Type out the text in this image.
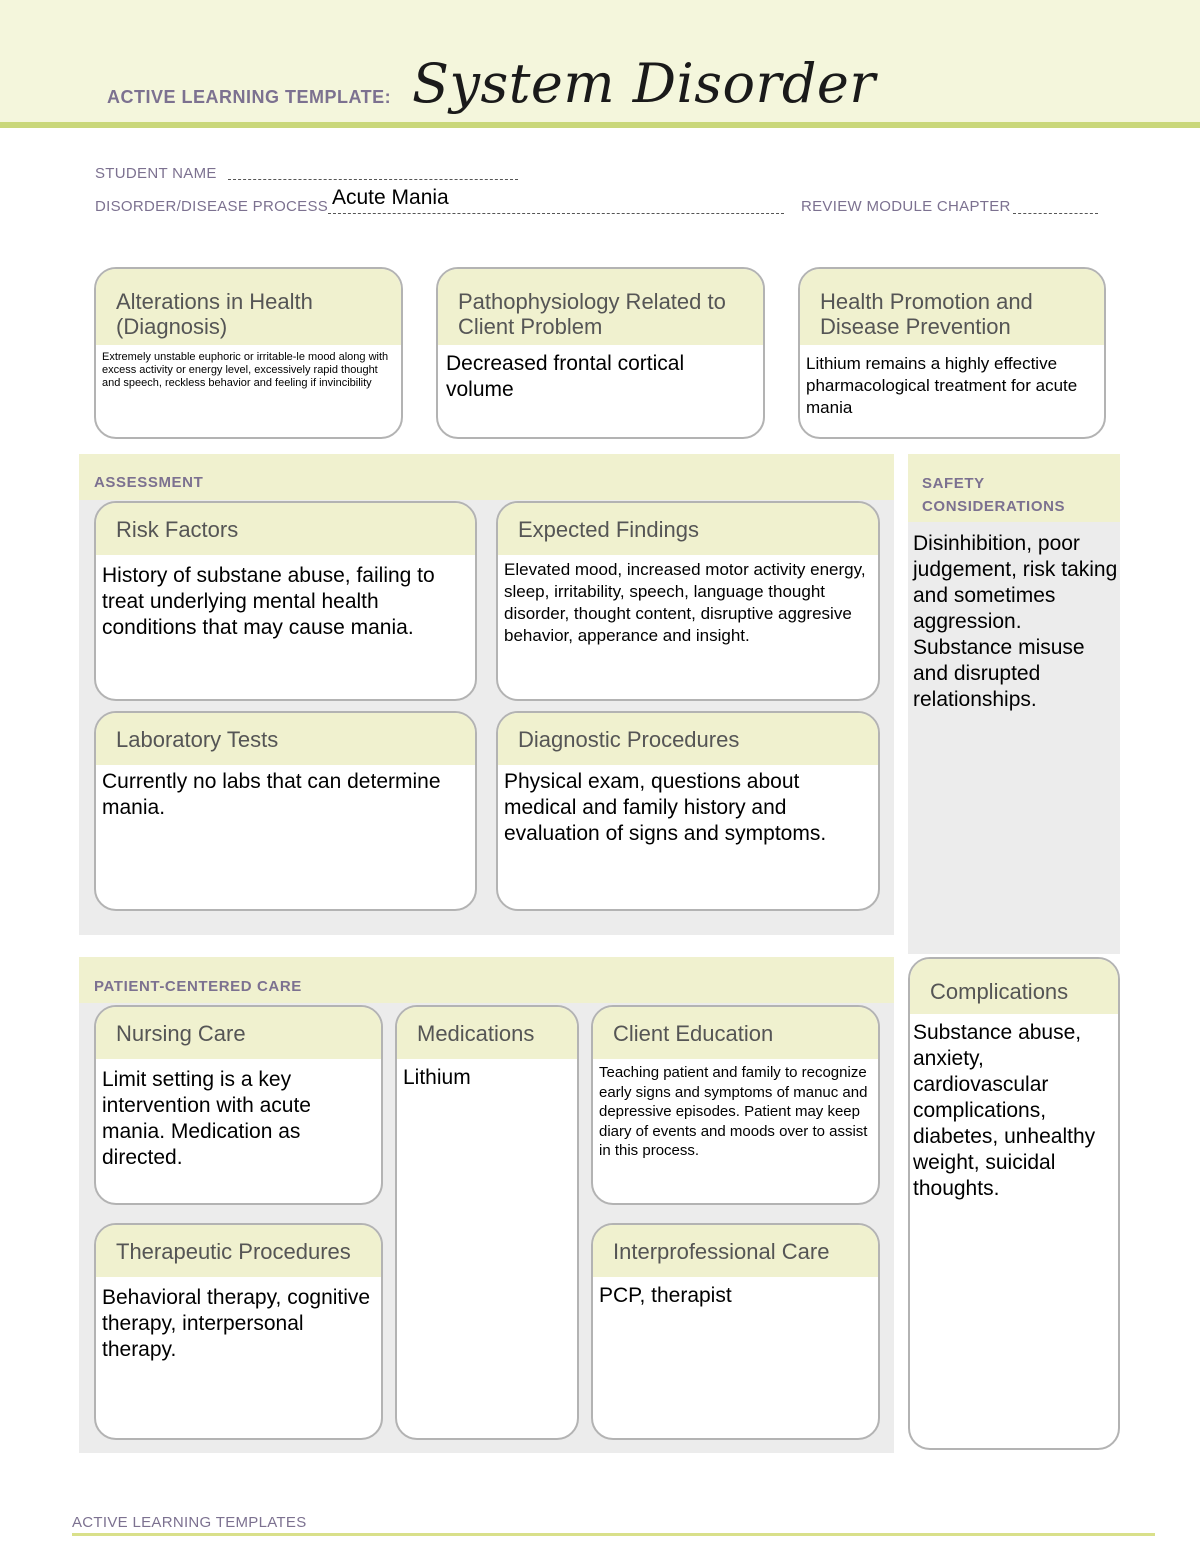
ACTIVE LEARNING TEMPLATE: System Disorder
STUDENT NAME
DISORDER/DISEASE PROCESS Acute Mania	REVIEW MODULE CHAPTER
Alterations in Health (Diagnosis)
Extremely unstable euphoric or irritable-le mood along with excess activity or energy level, excessively rapid thought and speech, reckless behavior and feeling if invincibility
Pathophysiology Related to Client Problem
Decreased frontal cortical volume
Health Promotion and Disease Prevention
Lithium remains a highly effective pharmacological treatment for acute mania
ASSESSMENT
Risk Factors
History of substane abuse, failing to treat underlying mental health conditions that may cause mania.
Expected Findings
Elevated mood, increased motor activity energy, sleep, irritability, speech, language thought disorder, thought content, disruptive aggresive behavior, apperance and insight.
Laboratory Tests
Currently no labs that can determine mania.
Diagnostic Procedures
Physical exam, questions about medical and family history and evaluation of signs and symptoms.
SAFETY CONSIDERATIONS
Disinhibition, poor judgement, risk taking and sometimes aggression. Substance misuse and disrupted relationships.
PATIENT-CENTERED CARE
Nursing Care
Limit setting is a key intervention with acute mania. Medication as directed.
Medications
Lithium
Client Education
Teaching patient and family to recognize early signs and symptoms of manuc and depressive episodes. Patient may keep diary of events and moods over to assist in this process.
Therapeutic Procedures
Behavioral therapy, cognitive therapy, interpersonal therapy.
Interprofessional Care
PCP, therapist
Complications
Substance abuse, anxiety, cardiovascular complications, diabetes, unhealthy weight, suicidal thoughts.
ACTIVE LEARNING TEMPLATES
